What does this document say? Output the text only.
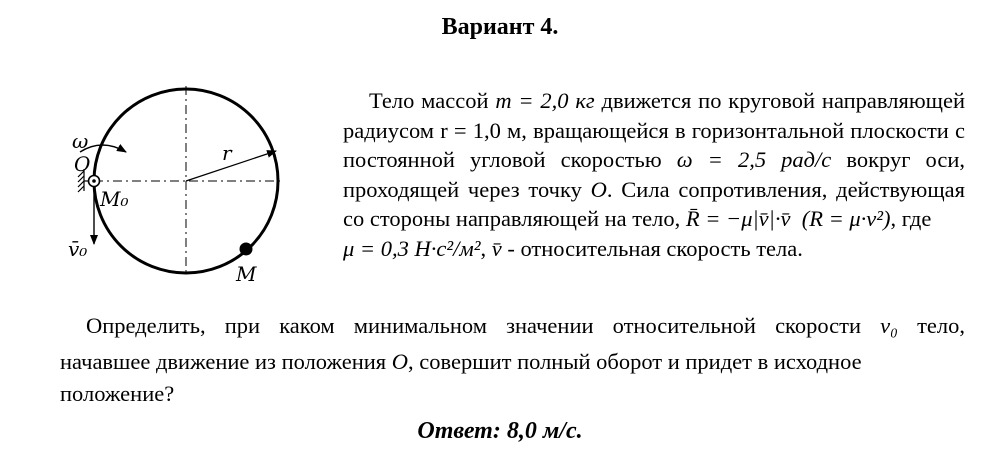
Вариант 4.
ω
O
M₀
r
v̄₀
M

Тело массой m = 2,0 кг движется по круговой направляющей радиусом r = 1,0 м, вращающейся в горизонтальной плоскости с постоянной угловой скоростью ω = 2,5 рад/с вокруг оси, проходящей через точку O. Сила сопротивления, действующая со стороны направляющей на тело, R̄ = −μ|v̄|·v̄ (R = μ·v²), где
μ = 0,3 Н·с²/м², v̄ - относительная скорость тела.

Определить, при каком минимальном значении относительной скорости v₀ тело,
начавшее движение из положения O, совершит полный оборот и придет в исходное
положение?
Ответ: 8,0 м/с.
